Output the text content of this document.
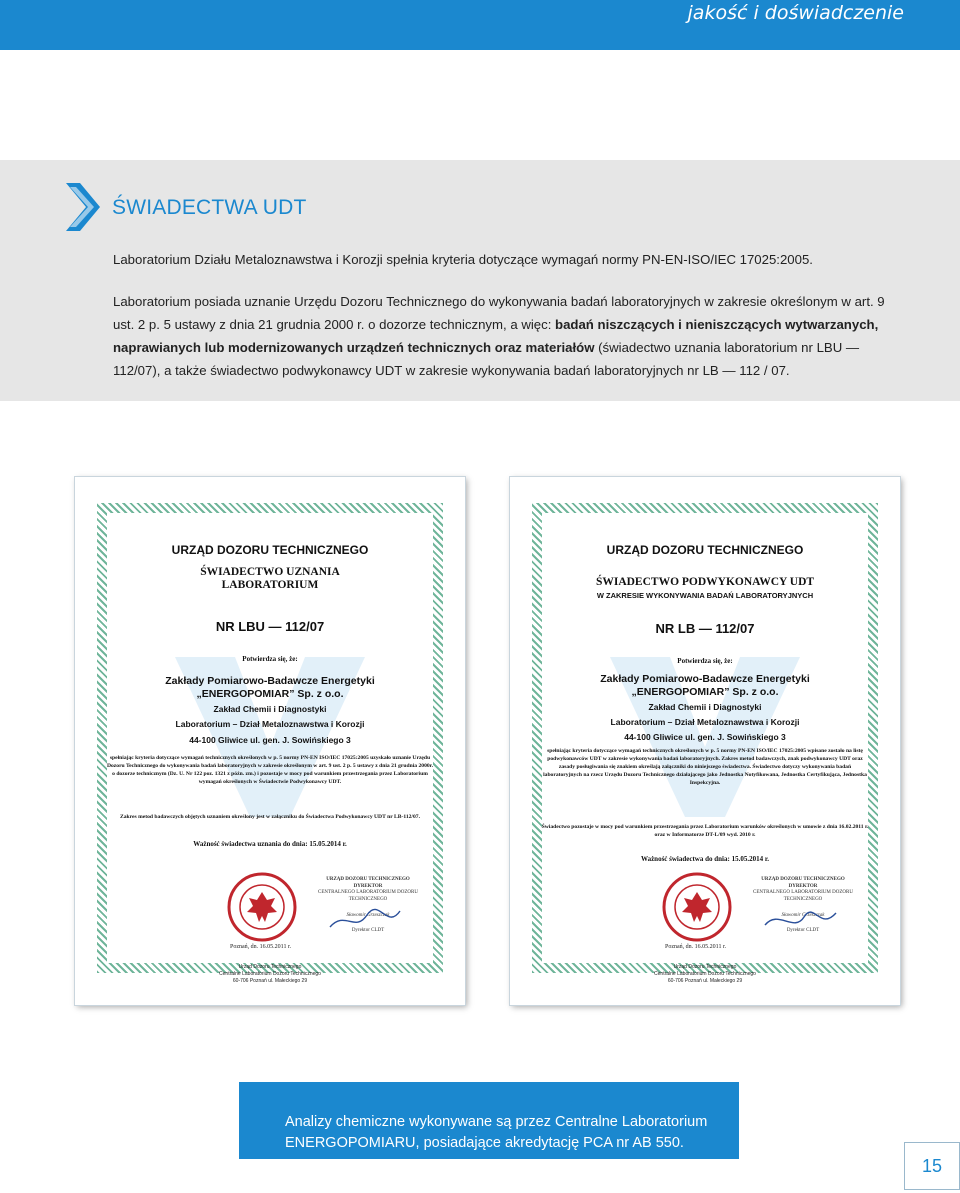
jakość i doświadczenie
ŚWIADECTWA UDT
Laboratorium Działu Metaloznawstwa i Korozji spełnia kryteria dotyczące wymagań normy PN-EN-ISO/IEC 17025:2005.
Laboratorium posiada uznanie Urzędu Dozoru Technicznego do wykonywania badań laboratoryjnych w zakresie określonym w art. 9 ust. 2 p. 5 ustawy z dnia 21 grudnia 2000 r. o dozorze technicznym, a więc: badań niszczących i nieniszczących wytwarzanych, naprawianych lub modernizowanych urządzeń technicznych oraz materiałów (świadectwo uznania laboratorium nr LBU — 112/07), a także świadectwo podwykonawcy UDT w zakresie wykonywania badań laboratoryjnych nr LB — 112 / 07.
URZĄD DOZORU TECHNICZNEGO
ŚWIADECTWO UZNANIA
LABORATORIUM
NR LBU — 112/07
Potwierdza się, że:
Zakłady Pomiarowo-Badawcze Energetyki
„ENERGOPOMIAR” Sp. z o.o.
Zakład Chemii i Diagnostyki
Laboratorium – Dział Metaloznawstwa i Korozji
44-100 Gliwice ul. gen. J. Sowińskiego 3
spełniając kryteria dotyczące wymagań technicznych określonych w p. 5 normy PN-EN ISO/IEC 17025:2005 uzyskało uznanie Urzędu Dozoru Technicznego do wykonywania badań laboratoryjnych w zakresie określonym w art. 9 ust. 2 p. 5 ustawy z dnia 21 grudnia 2000r. o dozorze technicznym (Dz. U. Nr 122 poz. 1321 z późn. zm.) i pozostaje w mocy pod warunkiem przestrzegania przez Laboratorium wymagań określonych w Świadectwie Podwykonawcy UDT.
Zakres metod badawczych objętych uznaniem określony jest w załączniku do Świadectwa Podwykonawcy UDT nr LB-112/07.
Ważność świadectwa uznania do dnia: 15.05.2014 r.
URZĄD DOZORU TECHNICZNEGO
DYREKTOR
CENTRALNEGO LABORATORIUM DOZORU TECHNICZNEGO
Sławomir Grzeszczak
Dyrektor CLDT
Poznań, dn. 16.05.2011 r.
Urząd Dozoru Technicznego
Centralne Laboratorium Dozoru Technicznego
60-706 Poznań ul. Małeckiego 29
URZĄD DOZORU TECHNICZNEGO
ŚWIADECTWO PODWYKONAWCY UDT
W ZAKRESIE WYKONYWANIA BADAŃ LABORATORYJNYCH
NR LB — 112/07
Potwierdza się, że:
Zakłady Pomiarowo-Badawcze Energetyki
„ENERGOPOMIAR” Sp. z o.o.
Zakład Chemii i Diagnostyki
Laboratorium – Dział Metaloznawstwa i Korozji
44-100 Gliwice ul. gen. J. Sowińskiego 3
spełniając kryteria dotyczące wymagań technicznych określonych w p. 5 normy PN-EN ISO/IEC 17025:2005 wpisane zostało na listę podwykonawców UDT w zakresie wykonywania badań laboratoryjnych. Zakres metod badawczych, znak podwykonawcy UDT oraz zasady posługiwania się znakiem określają załączniki do niniejszego świadectwa. Świadectwo dotyczy wykonywania badań laboratoryjnych na rzecz Urzędu Dozoru Technicznego działającego jako Jednostka Notyfikowana, Jednostka Certyfikująca, Jednostka Inspekcyjna.
Świadectwo pozostaje w mocy pod warunkiem przestrzegania przez Laboratorium warunków określonych w umowie z dnia 16.02.2011 r. oraz w Informatorze DT-L/09 wyd. 2010 r.
Ważność świadectwa do dnia: 15.05.2014 r.
URZĄD DOZORU TECHNICZNEGO
DYREKTOR
CENTRALNEGO LABORATORIUM DOZORU TECHNICZNEGO
Sławomir Grzeszczak
Dyrektor CLDT
Poznań, dn. 16.05.2011 r.
Urząd Dozoru Technicznego
Centralne Laboratorium Dozoru Technicznego
60-706 Poznań ul. Małeckiego 29
Analizy chemiczne wykonywane są przez Centralne Laboratorium ENERGOPOMIARU, posiadające akredytację PCA nr AB 550.
15
